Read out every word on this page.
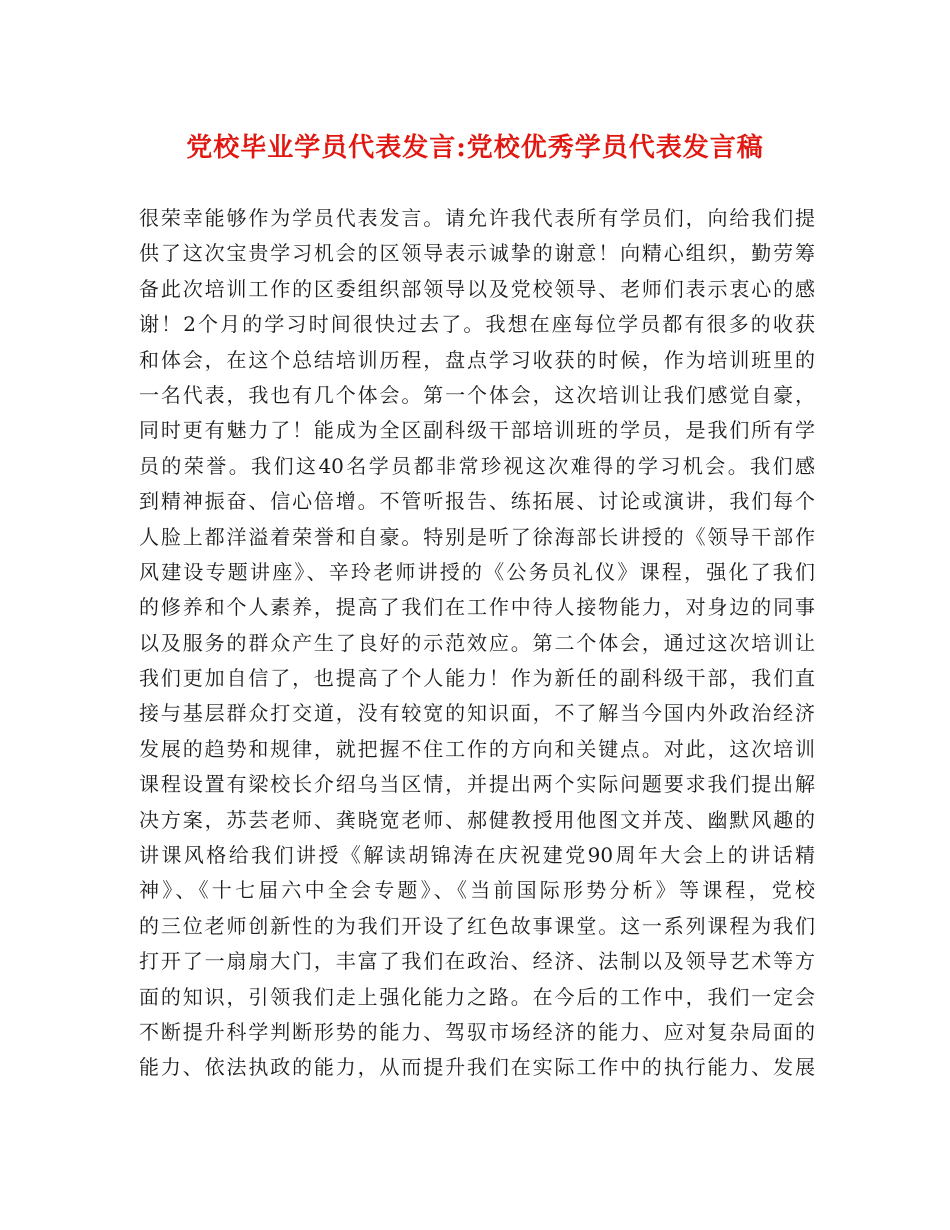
党校毕业学员代表发言:党校优秀学员代表发言稿
很荣幸能够作为学员代表发言。请允许我代表所有学员们，向给我们提
供了这次宝贵学习机会的区领导表示诚挚的谢意！向精心组织，勤劳筹
备此次培训工作的区委组织部领导以及党校领导、老师们表示衷心的感
谢！2个月的学习时间很快过去了。我想在座每位学员都有很多的收获
和体会，在这个总结培训历程，盘点学习收获的时候，作为培训班里的
一名代表，我也有几个体会。第一个体会，这次培训让我们感觉自豪，
同时更有魅力了！能成为全区副科级干部培训班的学员，是我们所有学
员的荣誉。我们这40名学员都非常珍视这次难得的学习机会。我们感
到精神振奋、信心倍增。不管听报告、练拓展、讨论或演讲，我们每个
人脸上都洋溢着荣誉和自豪。特别是听了徐海部长讲授的《领导干部作
风建设专题讲座》、辛玲老师讲授的《公务员礼仪》课程，强化了我们
的修养和个人素养，提高了我们在工作中待人接物能力，对身边的同事
以及服务的群众产生了良好的示范效应。第二个体会，通过这次培训让
我们更加自信了，也提高了个人能力！作为新任的副科级干部，我们直
接与基层群众打交道，没有较宽的知识面，不了解当今国内外政治经济
发展的趋势和规律，就把握不住工作的方向和关键点。对此，这次培训
课程设置有梁校长介绍乌当区情，并提出两个实际问题要求我们提出解
决方案，苏芸老师、龚晓宽老师、郝健教授用他图文并茂、幽默风趣的
讲课风格给我们讲授《解读胡锦涛在庆祝建党90周年大会上的讲话精
神》、《十七届六中全会专题》、《当前国际形势分析》等课程，党校
的三位老师创新性的为我们开设了红色故事课堂。这一系列课程为我们
打开了一扇扇大门，丰富了我们在政治、经济、法制以及领导艺术等方
面的知识，引领我们走上强化能力之路。在今后的工作中，我们一定会
不断提升科学判断形势的能力、驾驭市场经济的能力、应对复杂局面的
能力、依法执政的能力，从而提升我们在实际工作中的执行能力、发展
